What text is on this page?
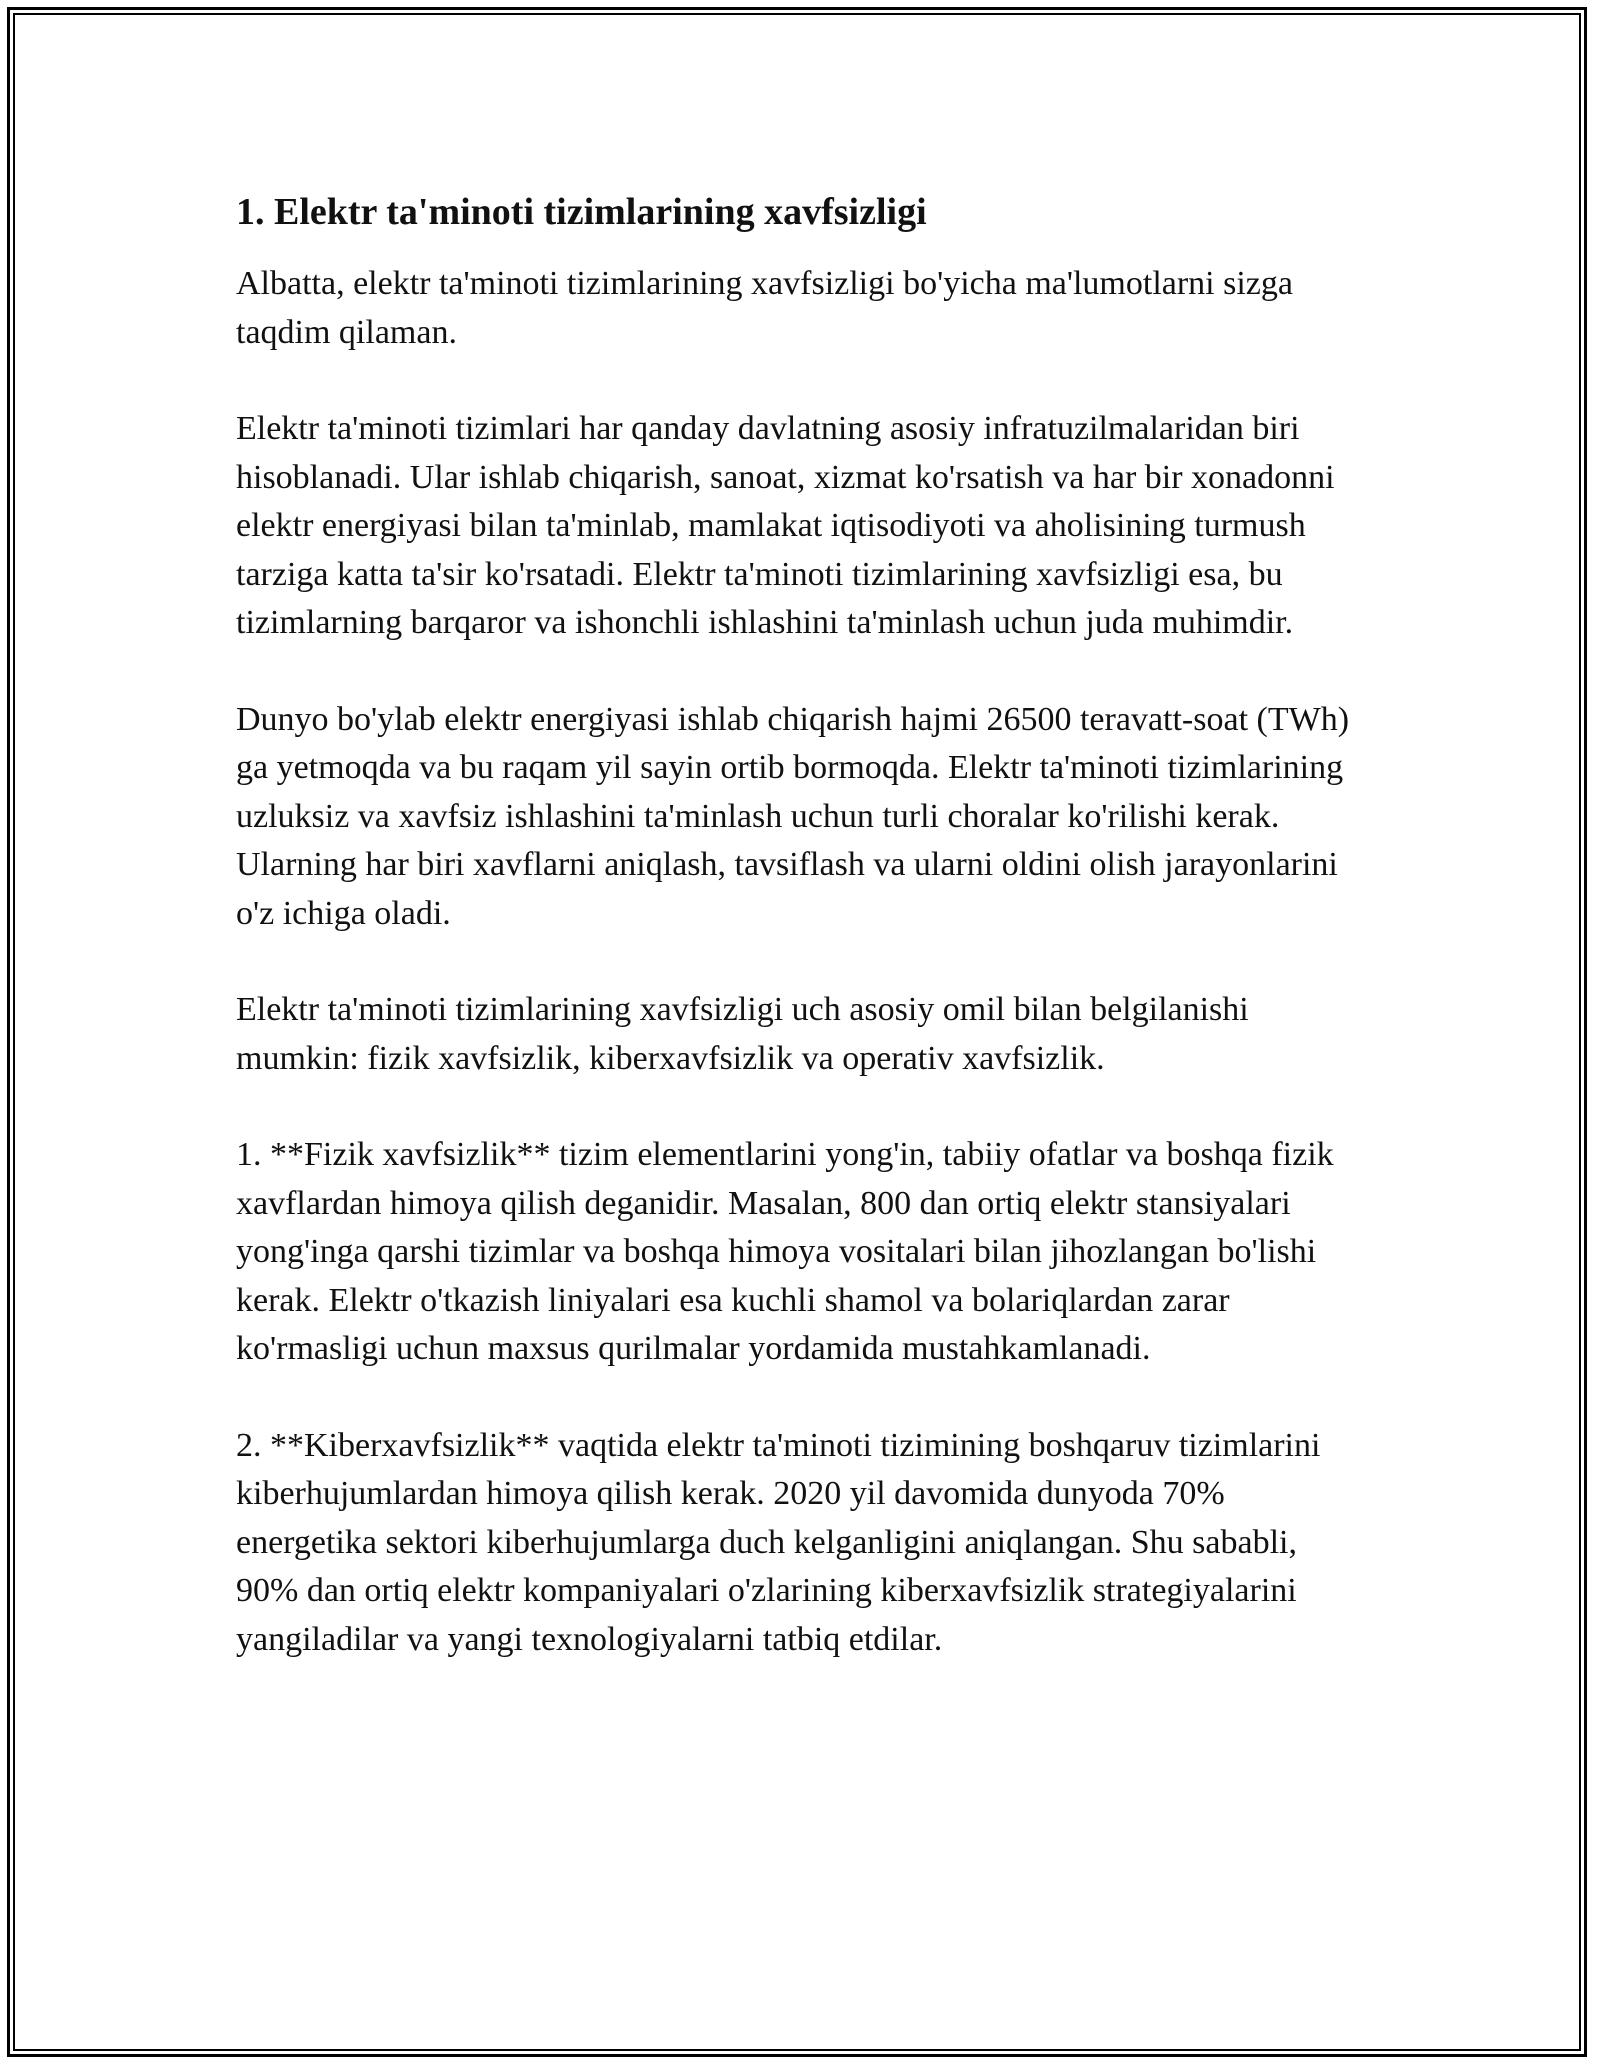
1. Elektr ta'minoti tizimlarining xavfsizligi

Albatta, elektr ta'minoti tizimlarining xavfsizligi bo'yicha ma'lumotlarni sizga taqdim qilaman.

Elektr ta'minoti tizimlari har qanday davlatning asosiy infratuzilmalaridan biri hisoblanadi. Ular ishlab chiqarish, sanoat, xizmat ko'rsatish va har bir xonadonni elektr energiyasi bilan ta'minlab, mamlakat iqtisodiyoti va aholisining turmush tarziga katta ta'sir ko'rsatadi. Elektr ta'minoti tizimlarining xavfsizligi esa, bu tizimlarning barqaror va ishonchli ishlashini ta'minlash uchun juda muhimdir.

Dunyo bo'ylab elektr energiyasi ishlab chiqarish hajmi 26500 teravatt-soat (TWh) ga yetmoqda va bu raqam yil sayin ortib bormoqda. Elektr ta'minoti tizimlarining uzluksiz va xavfsiz ishlashini ta'minlash uchun turli choralar ko'rilishi kerak. Ularning har biri xavflarni aniqlash, tavsiflash va ularni oldini olish jarayonlarini o'z ichiga oladi.

Elektr ta'minoti tizimlarining xavfsizligi uch asosiy omil bilan belgilanishi mumkin: fizik xavfsizlik, kiberxavfsizlik va operativ xavfsizlik.

1. **Fizik xavfsizlik** tizim elementlarini yong'in, tabiiy ofatlar va boshqa fizik xavflardan himoya qilish deganidir. Masalan, 800 dan ortiq elektr stansiyalari yong'inga qarshi tizimlar va boshqa himoya vositalari bilan jihozlangan bo'lishi kerak. Elektr o'tkazish liniyalari esa kuchli shamol va bolariqlardan zarar ko'rmasligi uchun maxsus qurilmalar yordamida mustahkamlanadi.

2. **Kiberxavfsizlik** vaqtida elektr ta'minoti tizimining boshqaruv tizimlarini kiberhujumlardan himoya qilish kerak. 2020 yil davomida dunyoda 70% energetika sektori kiberhujumlarga duch kelganligini aniqlangan. Shu sababli, 90% dan ortiq elektr kompaniyalari o'zlarining kiberxavfsizlik strategiyalarini yangiladilar va yangi texnologiyalarni tatbiq etdilar.
